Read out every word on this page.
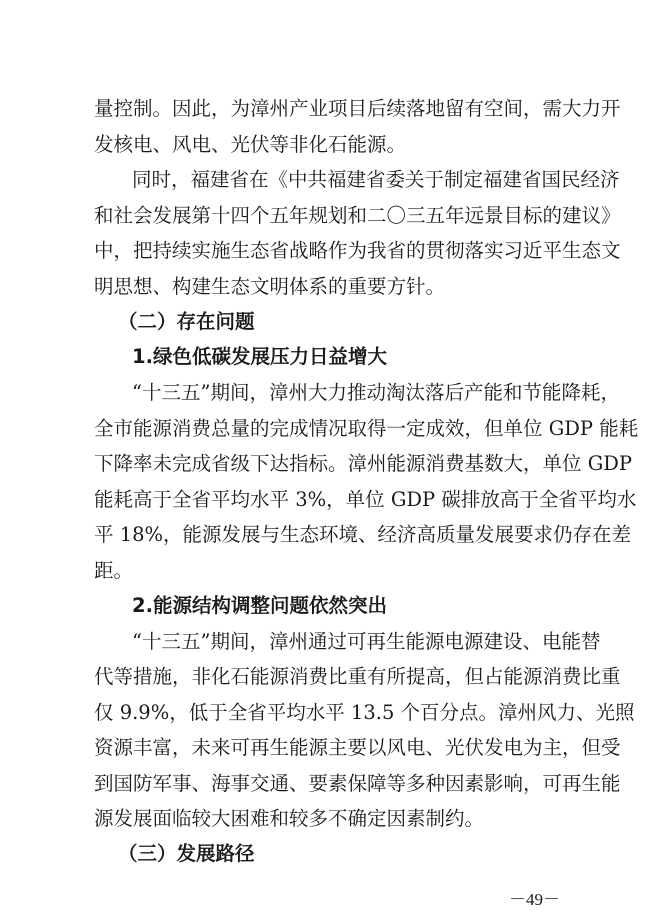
量控制。因此，为漳州产业项目后续落地留有空间，需大力开
发核电、风电、光伏等非化石能源。
同时，福建省在《中共福建省委关于制定福建省国民经济
和社会发展第十四个五年规划和二〇三五年远景目标的建议》
中，把持续实施生态省战略作为我省的贯彻落实习近平生态文
明思想、构建生态文明体系的重要方针。
（二）存在问题
1.绿色低碳发展压力日益增大
“十三五”期间，漳州大力推动淘汰落后产能和节能降耗，
全市能源消费总量的完成情况取得一定成效，但单位 GDP 能耗
下降率未完成省级下达指标。漳州能源消费基数大，单位 GDP
能耗高于全省平均水平 3%，单位 GDP 碳排放高于全省平均水
平 18%，能源发展与生态环境、经济高质量发展要求仍存在差
距。
2.能源结构调整问题依然突出
“十三五”期间，漳州通过可再生能源电源建设、电能替
代等措施，非化石能源消费比重有所提高，但占能源消费比重
仅 9.9%，低于全省平均水平 13.5 个百分点。漳州风力、光照
资源丰富，未来可再生能源主要以风电、光伏发电为主，但受
到国防军事、海事交通、要素保障等多种因素影响，可再生能
源发展面临较大困难和较多不确定因素制约。
（三）发展路径
－49－
